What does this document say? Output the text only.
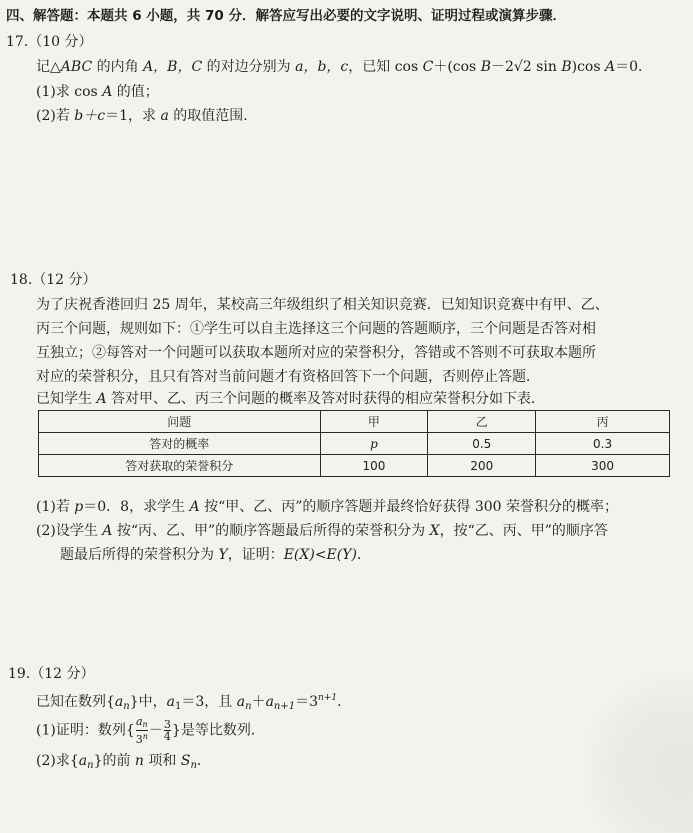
四、解答题：本题共 6 小题，共 70 分．解答应写出必要的文字说明、证明过程或演算步骤．
17.（10 分）
记△ABC 的内角 A，B，C 的对边分别为 a，b，c，已知 cos C＋(cos B－2√2 sin B)cos A＝0．
(1)求 cos A 的值；
(2)若 b＋c＝1，求 a 的取值范围．
18.（12 分）
为了庆祝香港回归 25 周年，某校高三年级组织了相关知识竞赛．已知知识竞赛中有甲、乙、
丙三个问题，规则如下：①学生可以自主选择这三个问题的答题顺序，三个问题是否答对相
互独立；②每答对一个问题可以获取本题所对应的荣誉积分，答错或不答则不可获取本题所
对应的荣誉积分，且只有答对当前问题才有资格回答下一个问题，否则停止答题．
已知学生 A 答对甲、乙、丙三个问题的概率及答对时获得的相应荣誉积分如下表．
问题	甲	乙	丙
答对的概率	p	0.5	0.3
答对获取的荣誉积分	100	200	300
(1)若 p＝0．8，求学生 A 按“甲、乙、丙”的顺序答题并最终恰好获得 300 荣誉积分的概率；
(2)设学生 A 按“丙、乙、甲”的顺序答题最后所得的荣誉积分为 X，按“乙、丙、甲”的顺序答
题最后所得的荣誉积分为 Y，证明：E(X)<E(Y)．
19.（12 分）
已知在数列$\{a_n\}$中，$a_1=3$，且 $a_n+a_{n+1}=3^{n+1}$．
(1)证明：数列{ $\frac{an}{3^n} - \frac{3}{4}$ }是等比数列．
(2)求$\{a_n\}$的前 n 项和 $S_n$．
